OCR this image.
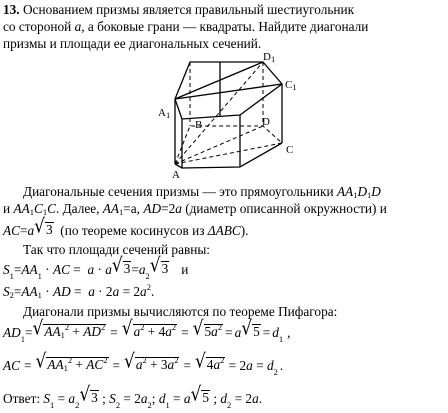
13. Основанием призмы является правильный шестиугольник
со стороной a, а боковые грани — квадраты. Найдите диагонали
призмы и площади ее диагональных сечений.
$D_1$
$C_1$
$A_1$
D
B
C
A
Диагональные сечения призмы — это прямоугольники $AA_1D_1D$
и $AA_1C_1C$. Далее, $AA_1=a$, AD=2a (диаметр описанной окружности) и
AC = a √ 3 (по теореме косинусов из ΔABC ).
Так что площади сечений равны:
S 1 = AA 1 · AC = a · a √ 3 = a 2 √ 3 и
$S_2=AA_1$ · AD =  $a \cdot 2a = 2a^2$.
Диагонали призмы вычисляются по теореме Пифагора:
AD 1 = √ $AA_1^2 + AD^2$ = √ $a^2 + 4a^2$ = √ $5a^2 = a$ √ 5 = d 1 ,
AC = √ $AA_1^2 + AC^2$ = √ $a^2 + 3a^2$ = √ $4a^2 = 2$ a = d 2 .
Ответ: S 1 = a 2 √ 3 ; S 2 = 2 a 2 ; d 1 = a √ 5 ; d 2 = 2 a .
